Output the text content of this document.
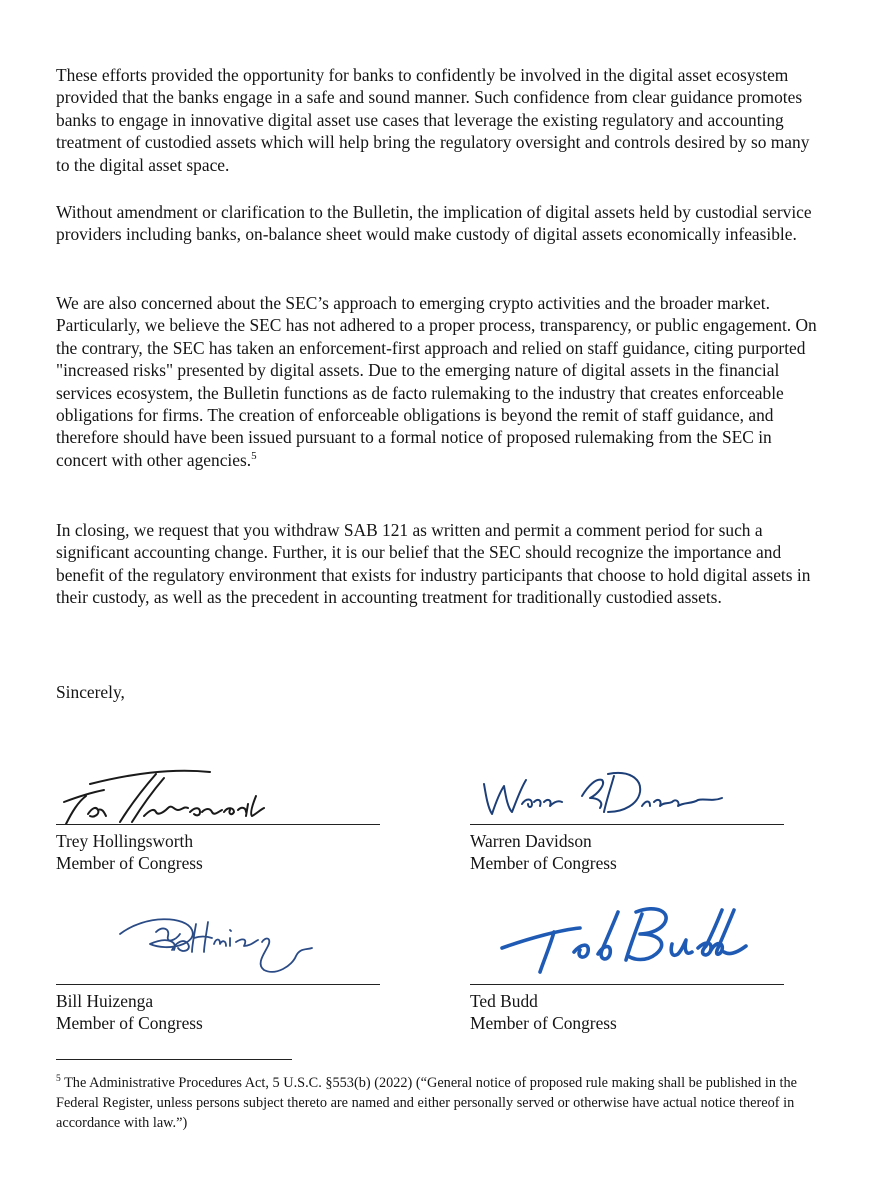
These efforts provided the opportunity for banks to confidently be involved in the digital asset ecosystem provided that the banks engage in a safe and sound manner. Such confidence from clear guidance promotes banks to engage in innovative digital asset use cases that leverage the existing regulatory and accounting treatment of custodied assets which will help bring the regulatory oversight and controls desired by so many to the digital asset space.

Without amendment or clarification to the Bulletin, the implication of digital assets held by custodial service providers including banks, on-balance sheet would make custody of digital assets economically infeasible.

We are also concerned about the SEC’s approach to emerging crypto activities and the broader market. Particularly, we believe the SEC has not adhered to a proper process, transparency, or public engagement. On the contrary, the SEC has taken an enforcement-first approach and relied on staff guidance, citing purported "increased risks" presented by digital assets. Due to the emerging nature of digital assets in the financial services ecosystem, the Bulletin functions as de facto rulemaking to the industry that creates enforceable obligations for firms. The creation of enforceable obligations is beyond the remit of staff guidance, and therefore should have been issued pursuant to a formal notice of proposed rulemaking from the SEC in concert with other agencies.$^5$

In closing, we request that you withdraw SAB 121 as written and permit a comment period for such a significant accounting change. Further, it is our belief that the SEC should recognize the importance and benefit of the regulatory environment that exists for industry participants that choose to hold digital assets in their custody, as well as the precedent in accounting treatment for traditionally custodied assets.

Sincerely,

Trey Hollingsworth

Member of Congress

Warren Davidson

Member of Congress

Bill Huizenga

Member of Congress

Ted Budd

Member of Congress

$^5$ The Administrative Procedures Act, 5 U.S.C. §553(b) (2022) (“General notice of proposed rule making shall be published in the Federal Register, unless persons subject thereto are named and either personally served or otherwise have actual notice thereof in accordance with law.”)
